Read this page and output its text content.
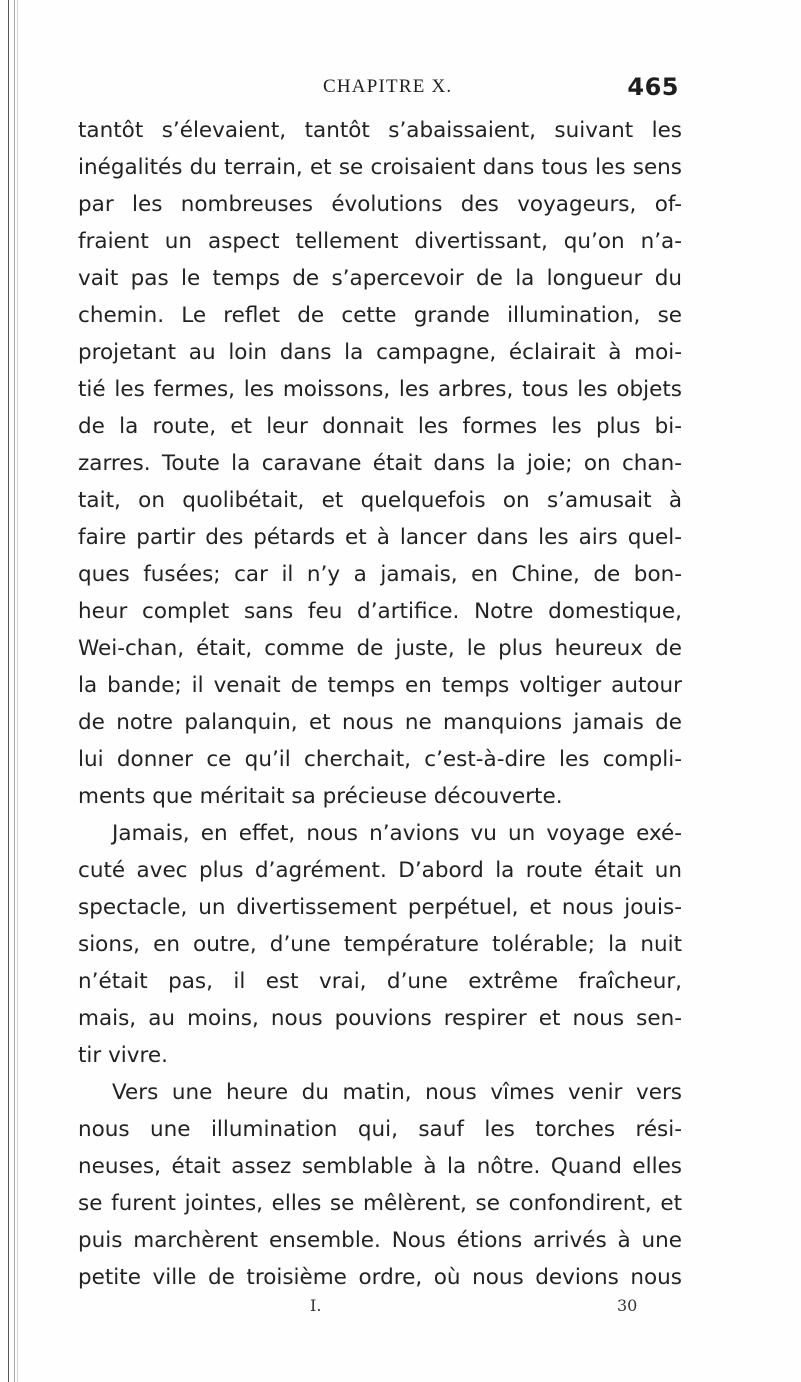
CHAPITRE X.	465
tantôt s’élevaient, tantôt s’abaissaient, suivant les
inégalités du terrain, et se croisaient dans tous les sens
par les nombreuses évolutions des voyageurs, of-
fraient un aspect tellement divertissant, qu’on n’a-
vait pas le temps de s’apercevoir de la longueur du
chemin. Le reflet de cette grande illumination, se
projetant au loin dans la campagne, éclairait à moi-
tié les fermes, les moissons, les arbres, tous les objets
de la route, et leur donnait les formes les plus bi-
zarres. Toute la caravane était dans la joie; on chan-
tait, on quolibétait, et quelquefois on s’amusait à
faire partir des pétards et à lancer dans les airs quel-
ques fusées; car il n’y a jamais, en Chine, de bon-
heur complet sans feu d’artifice. Notre domestique,
Wei-chan, était, comme de juste, le plus heureux de
la bande; il venait de temps en temps voltiger autour
de notre palanquin, et nous ne manquions jamais de
lui donner ce qu’il cherchait, c’est-à-dire les compli-
ments que méritait sa précieuse découverte.
Jamais, en effet, nous n’avions vu un voyage exé-
cuté avec plus d’agrément. D’abord la route était un
spectacle, un divertissement perpétuel, et nous jouis-
sions, en outre, d’une température tolérable; la nuit
n’était pas, il est vrai, d’une extrême fraîcheur,
mais, au moins, nous pouvions respirer et nous sen-
tir vivre.
Vers une heure du matin, nous vîmes venir vers
nous une illumination qui, sauf les torches rési-
neuses, était assez semblable à la nôtre. Quand elles
se furent jointes, elles se mêlèrent, se confondirent, et
puis marchèrent ensemble. Nous étions arrivés à une
petite ville de troisième ordre, où nous devions nous
I.	30
